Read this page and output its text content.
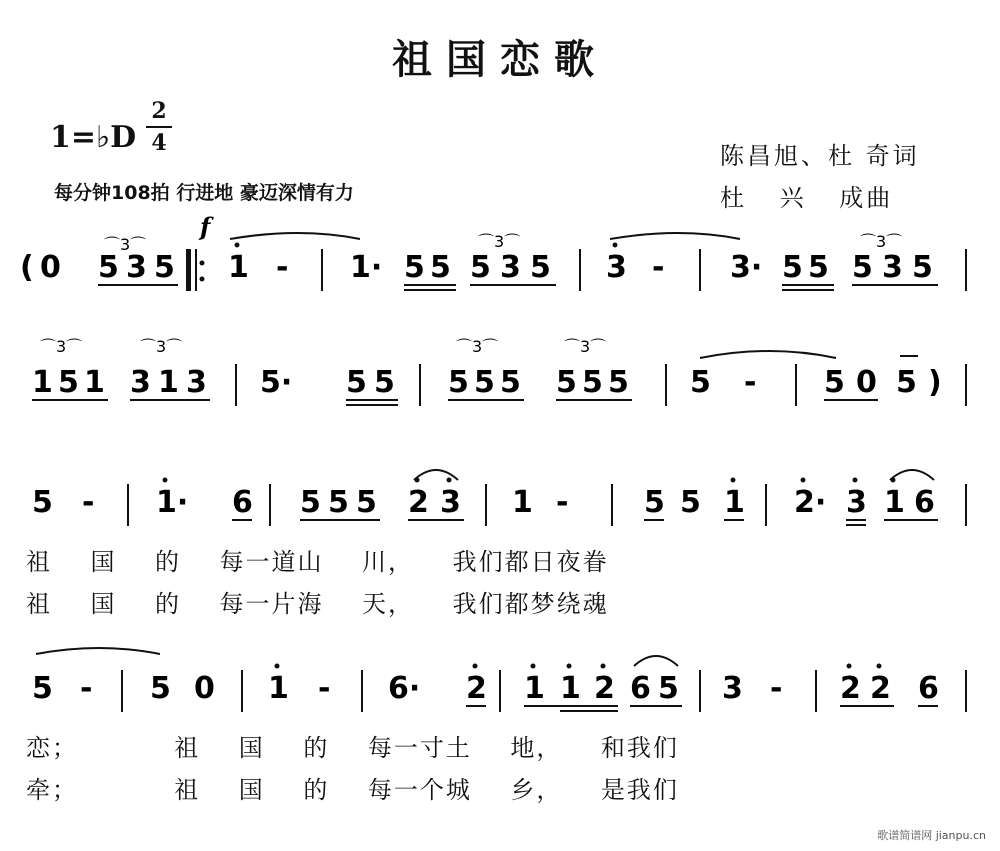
祖国恋歌
1=♭D
2
4
每分钟108拍 行进地 豪迈深情有力
陈昌旭、杜 奇词
杜 兴 成曲
( 0 5 3 5
⌒3⌒
f
1 - 1· 5 5 5 3 5
⌒3⌒
3 - 3· 5 5 5 3 5
⌒3⌒
1 5 1
⌒3⌒
3 1 3
⌒3⌒
5· 5 5 5 5 5
⌒3⌒
5 5 5
⌒3⌒
5 - 5 0 5 )
5 - 1· 6 5 5 5 2 3 1 -	5 5 1 2· 3 1 6
祖    国    的    每一道山    川，    我们都日夜眷
祖    国    的    每一片海    天，    我们都梦绕魂
5 - 5 0 1 - 6· 2 1 1 2 6 5 3 - 2 2 6
恋；          祖    国    的    每一寸土    地，    和我们
牵；          祖    国    的    每一个城    乡，    是我们
歌谱简谱网 jianpu.cn
